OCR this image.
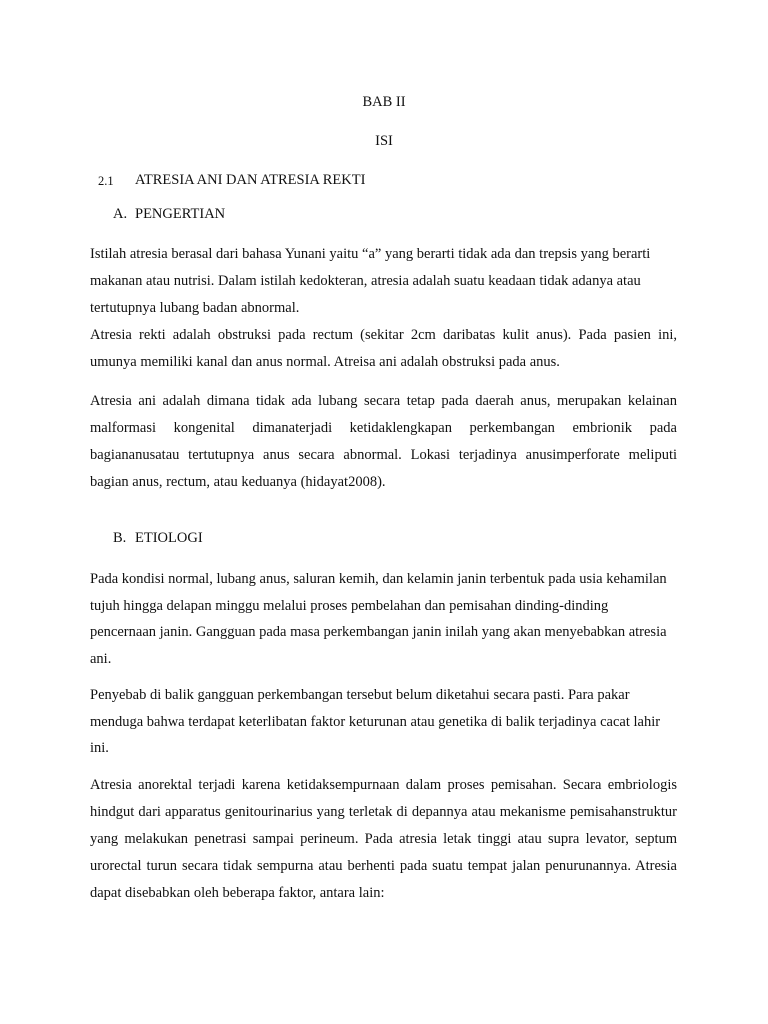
BAB II

ISI

2.1 ATRESIA ANI DAN ATRESIA REKTI

A. PENGERTIAN

Istilah atresia berasal dari bahasa Yunani yaitu “a” yang berarti tidak ada dan trepsis yang berarti makanan atau nutrisi. Dalam istilah kedokteran, atresia adalah suatu keadaan tidak adanya atau tertutupnya lubang badan abnormal.

Atresia rekti adalah obstruksi pada rectum (sekitar 2cm daribatas kulit anus). Pada pasien ini, umunya memiliki kanal dan anus normal. Atreisa ani adalah obstruksi pada anus.

Atresia ani adalah dimana tidak ada lubang secara tetap pada daerah anus, merupakan kelainan malformasi kongenital dimanaterjadi ketidaklengkapan perkembangan embrionik pada bagiananusatau tertutupnya anus secara abnormal. Lokasi terjadinya anusimperforate meliputi bagian anus, rectum, atau keduanya (hidayat2008).

B. ETIOLOGI

Pada kondisi normal, lubang anus, saluran kemih, dan kelamin janin terbentuk pada usia kehamilan tujuh hingga delapan minggu melalui proses pembelahan dan pemisahan dinding-dinding pencernaan janin. Gangguan pada masa perkembangan janin inilah yang akan menyebabkan atresia ani.

Penyebab di balik gangguan perkembangan tersebut belum diketahui secara pasti. Para pakar menduga bahwa terdapat keterlibatan faktor keturunan atau genetika di balik terjadinya cacat lahir ini.

Atresia anorektal terjadi karena ketidaksempurnaan dalam proses pemisahan. Secara embriologis hindgut dari apparatus genitourinarius yang terletak di depannya atau mekanisme pemisahanstruktur yang melakukan penetrasi sampai perineum. Pada atresia letak tinggi atau supra levator, septum urorectal turun secara tidak sempurna atau berhenti pada suatu tempat jalan penurunannya. Atresia dapat disebabkan oleh beberapa faktor, antara lain:
